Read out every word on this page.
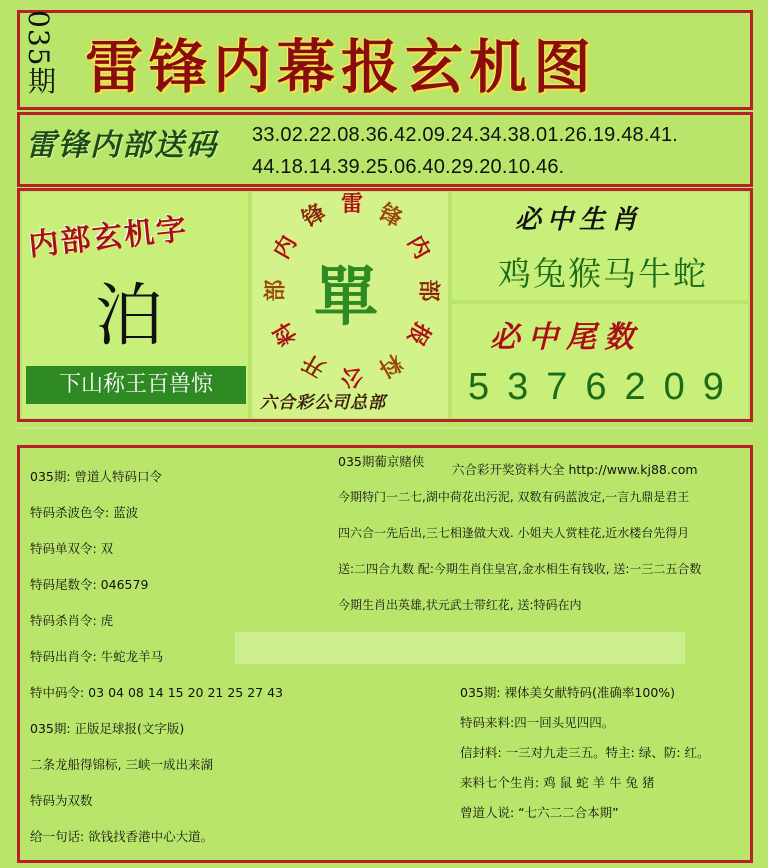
035
期 雷锋内幕报玄机图
雷锋内部送码 33.02.22.08.36.42.09.24.34.38.01.26.19.48.41.
44.18.14.39.25.06.40.29.20.10.46.
内部玄机字
泊
下山称王百兽惊
雷 锋
内
部
报
料
公
开
料
部
内
锋
單
六合彩公司总部
必中生肖
鸡兔猴马牛蛇
必中尾数
5376209
035期: 曾道人特码口令
特码杀波色令: 蓝波
特码单双令: 双
特码尾数令: 046579
特码杀肖令: 虎
特码出肖令: 牛蛇龙羊马
特中码令: 03 04 08 14 15 20 21 25 27 43
035期: 正版足球报(文字版)
二条龙船得锦标, 三峡一成出来湖
特码为双数
给一句话: 欲钱找香港中心大道。
035期葡京赌侠
六合彩开奖资料大全 http://www.kj88.com
今期特门一二七,湖中荷花出污泥, 双数有码蓝波定,一言九鼎是君王
四六合一先后出,三七相逢做大戏. 小姐夫人赏桂花,近水楼台先得月
送:二四合九数 配:今期生肖住皇宫,金水相生有钱收, 送:一三二五合数
今期生肖出英雄,状元武士带红花, 送:特码在内
035期: 裸体美女献特码(准确率100%)
特码来料:四一回头见四四。
信封料: 一三对九走三五。特主: 绿、防: 红。
来料七个生肖: 鸡 鼠 蛇 羊 牛 兔 猪
曾道人说: “七六二二合本期”
